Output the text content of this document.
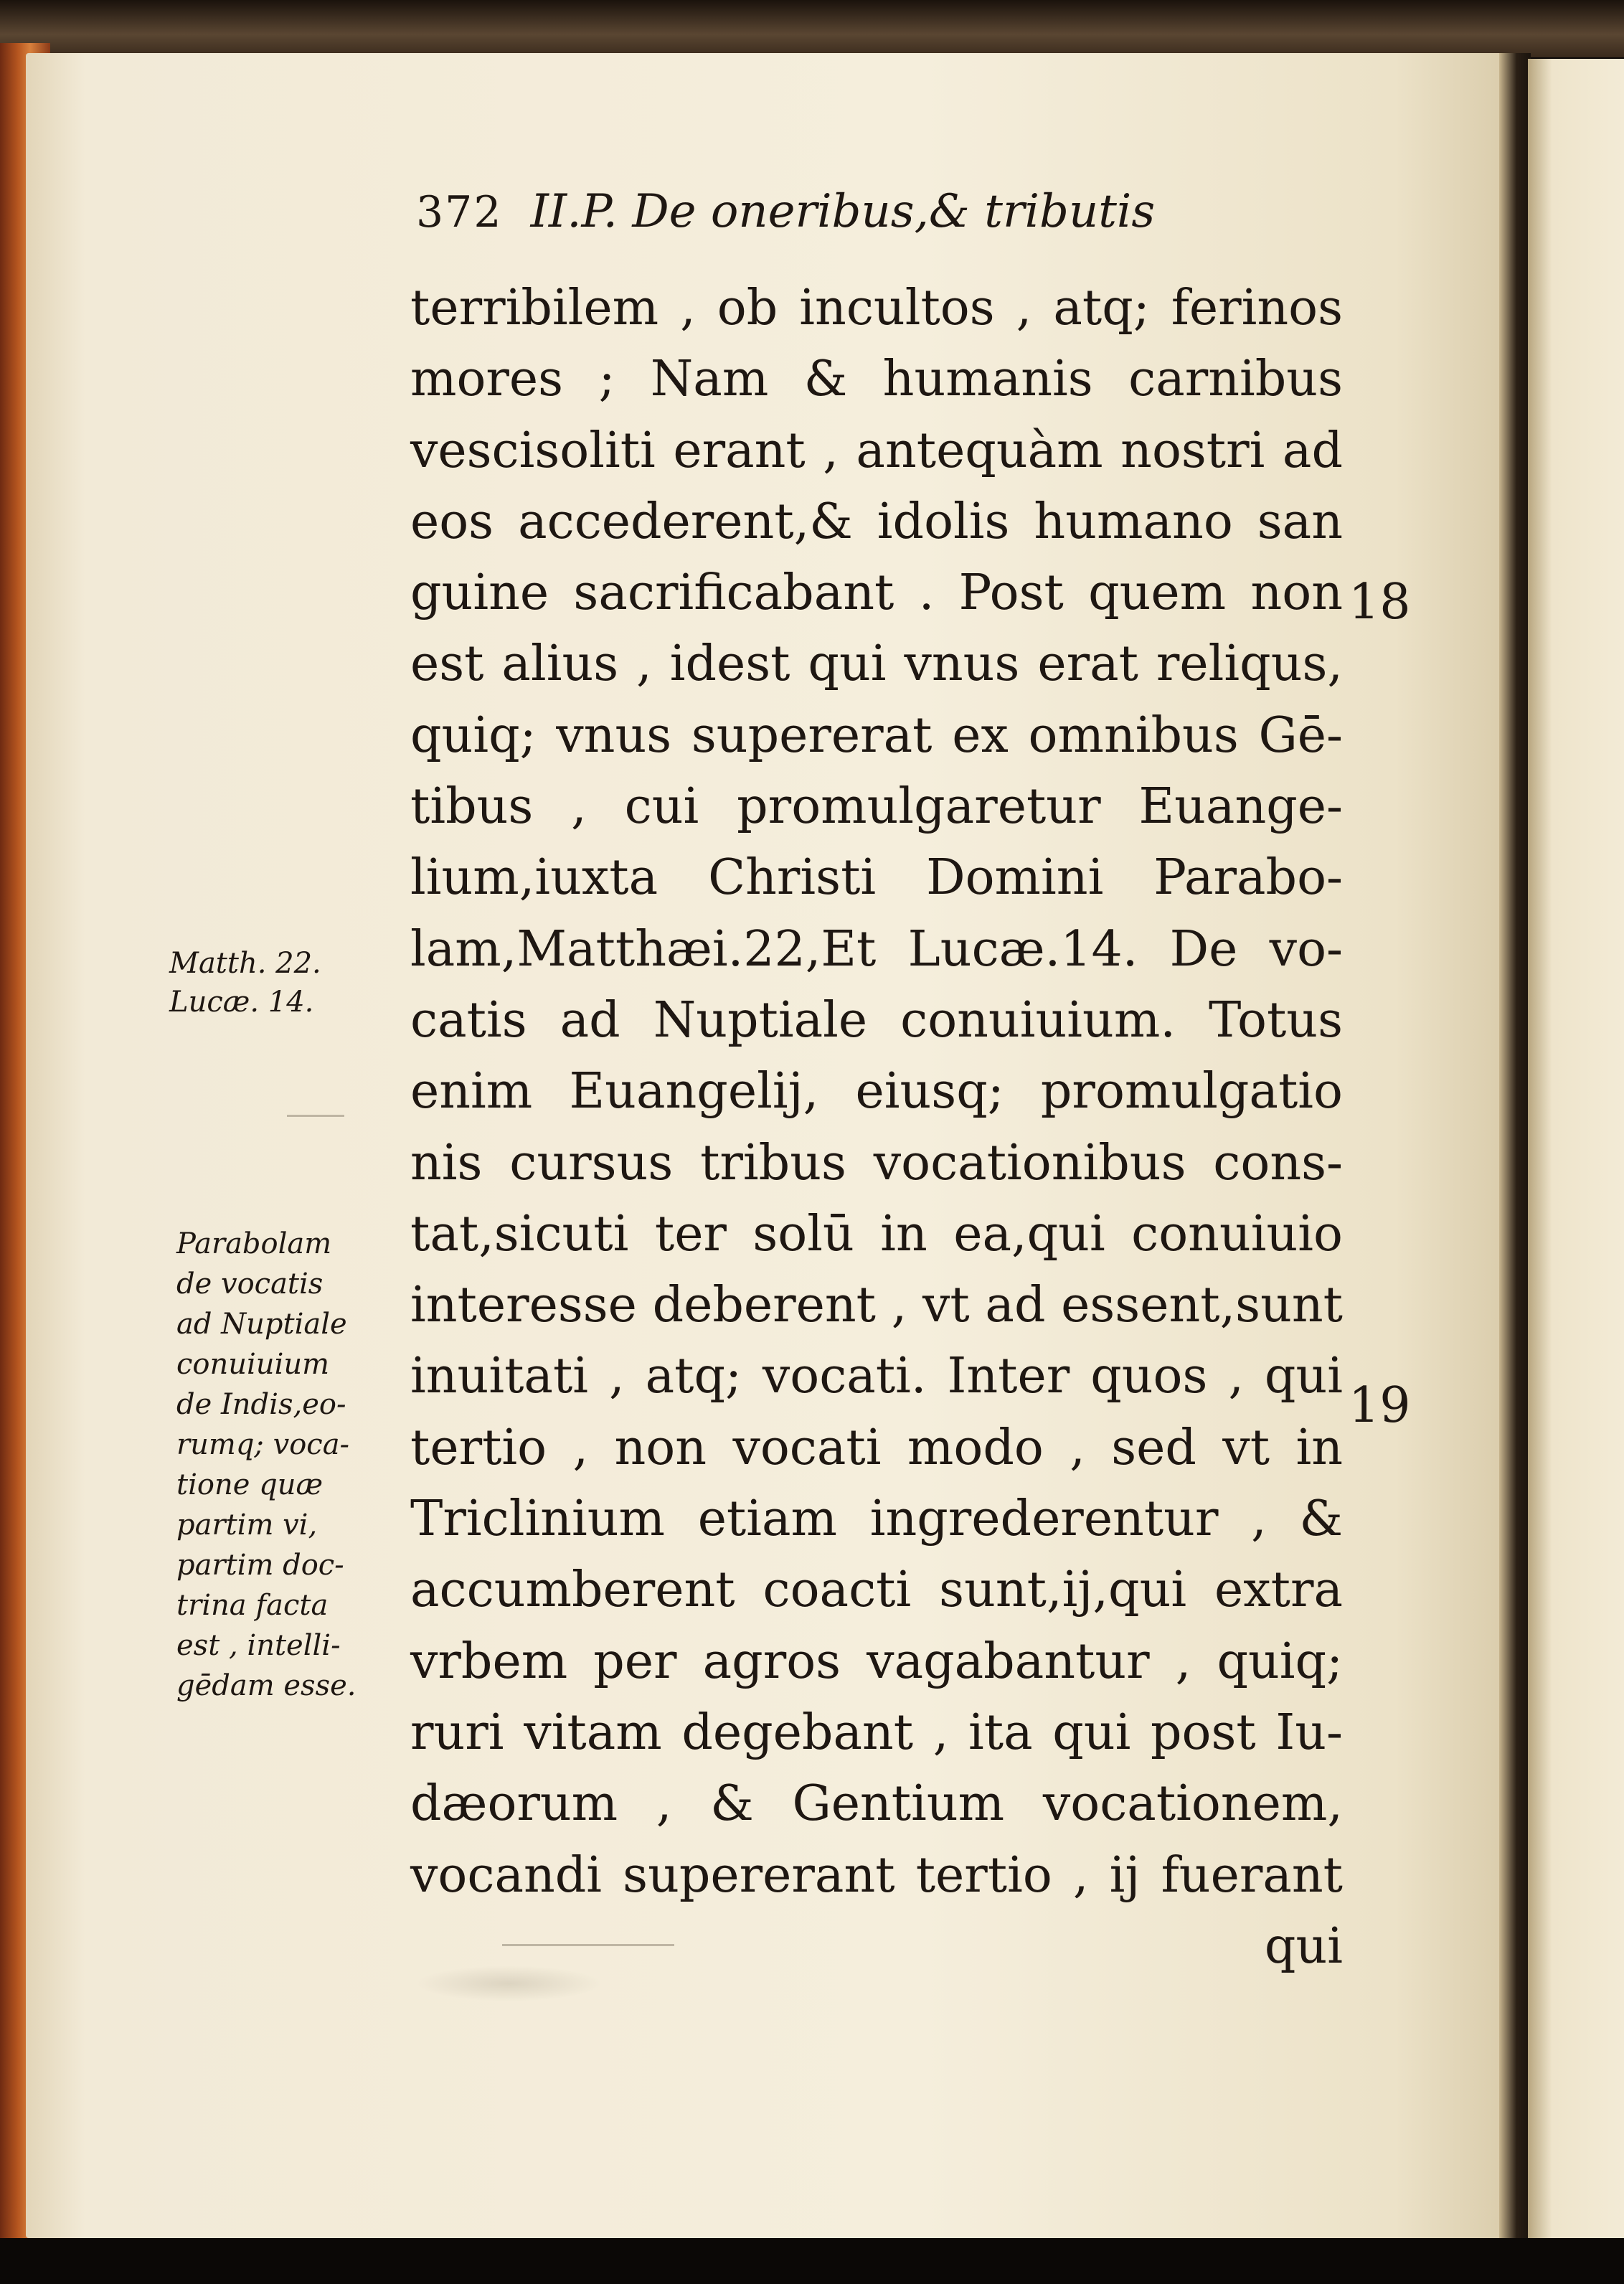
372 II.P. De oneribus,& tributis
terribilem , ob incultos , atq; ferinos
mores ; Nam & humanis carnibus
vescisoliti erant , antequàm nostri ad
eos accederent,& idolis humano san
guine sacrificabant . Post quem non
est alius , idest qui vnus erat reliqus,
quiq; vnus supererat ex omnibus Gē-
tibus , cui promulgaretur Euange-
lium,iuxta Christi Domini Parabo-
lam,Matthæi.22,Et Lucæ.14. De vo-
catis ad Nuptiale conuiuium. Totus
enim Euangelij, eiusq; promulgatio
nis cursus tribus vocationibus cons-
tat,sicuti ter solū in ea,qui conuiuio
interesse deberent , vt ad essent,sunt
inuitati , atq; vocati. Inter quos , qui
tertio , non vocati modo , sed vt in
Triclinium etiam ingrederentur , &
accumberent coacti sunt,ij,qui extra
vrbem per agros vagabantur , quiq;
ruri vitam degebant , ita qui post Iu-
dæorum , & Gentium vocationem,
vocandi supererant tertio , ij fuerant
qui
18
19
Matth. 22.
Lucæ. 14.
Parabolam
de vocatis
ad Nuptiale
conuiuium
de Indis,eo-
rumq; voca-
tione quæ
partim vi,
partim doc-
trina facta
est , intelli-
gēdam esse.
